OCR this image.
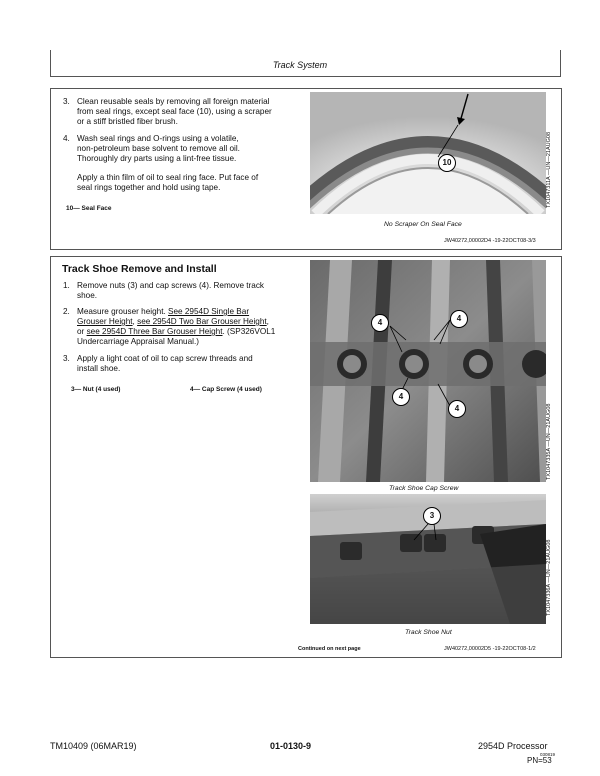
Track System
3. Clean reusable seals by removing all foreign material
from seal rings, except seal face (10), using a scraper
or a stiff bristled fiber brush.
4. Wash seal rings and O-rings using a volatile,
non-petroleum base solvent to remove all oil.
Thoroughly dry parts using a lint-free tissue.
Apply a thin film of oil to seal ring face. Put face of
seal rings together and hold using tape.
10— Seal Face
10
No Scraper On Seal Face
TX1047311A —UN—21AUG08
JW40272,00002D4 -19-22OCT08-3/3
Track Shoe Remove and Install
1. Remove nuts (3) and cap screws (4). Remove track
shoe.
2. Measure grouser height. See 2954D Single Bar
Grouser Height, see 2954D Two Bar Grouser Height,
or see 2954D Three Bar Grouser Height. (SP326VOL1
Undercarriage Appraisal Manual.)
3. Apply a light coat of oil to cap screw threads and
install shoe.
3— Nut (4 used)	4— Cap Screw (4 used)
4	4
4
4
Track Shoe Cap Screw
TX1047335A —UN—21AUG08
3
Track Shoe Nut
TX1047336A —UN—21AUG08
Continued on next page	JW40272,00002D5 -19-22OCT08-1/2
TM10409 (06MAR19)	01-0130-9	2954D Processor
030819
PN=53
